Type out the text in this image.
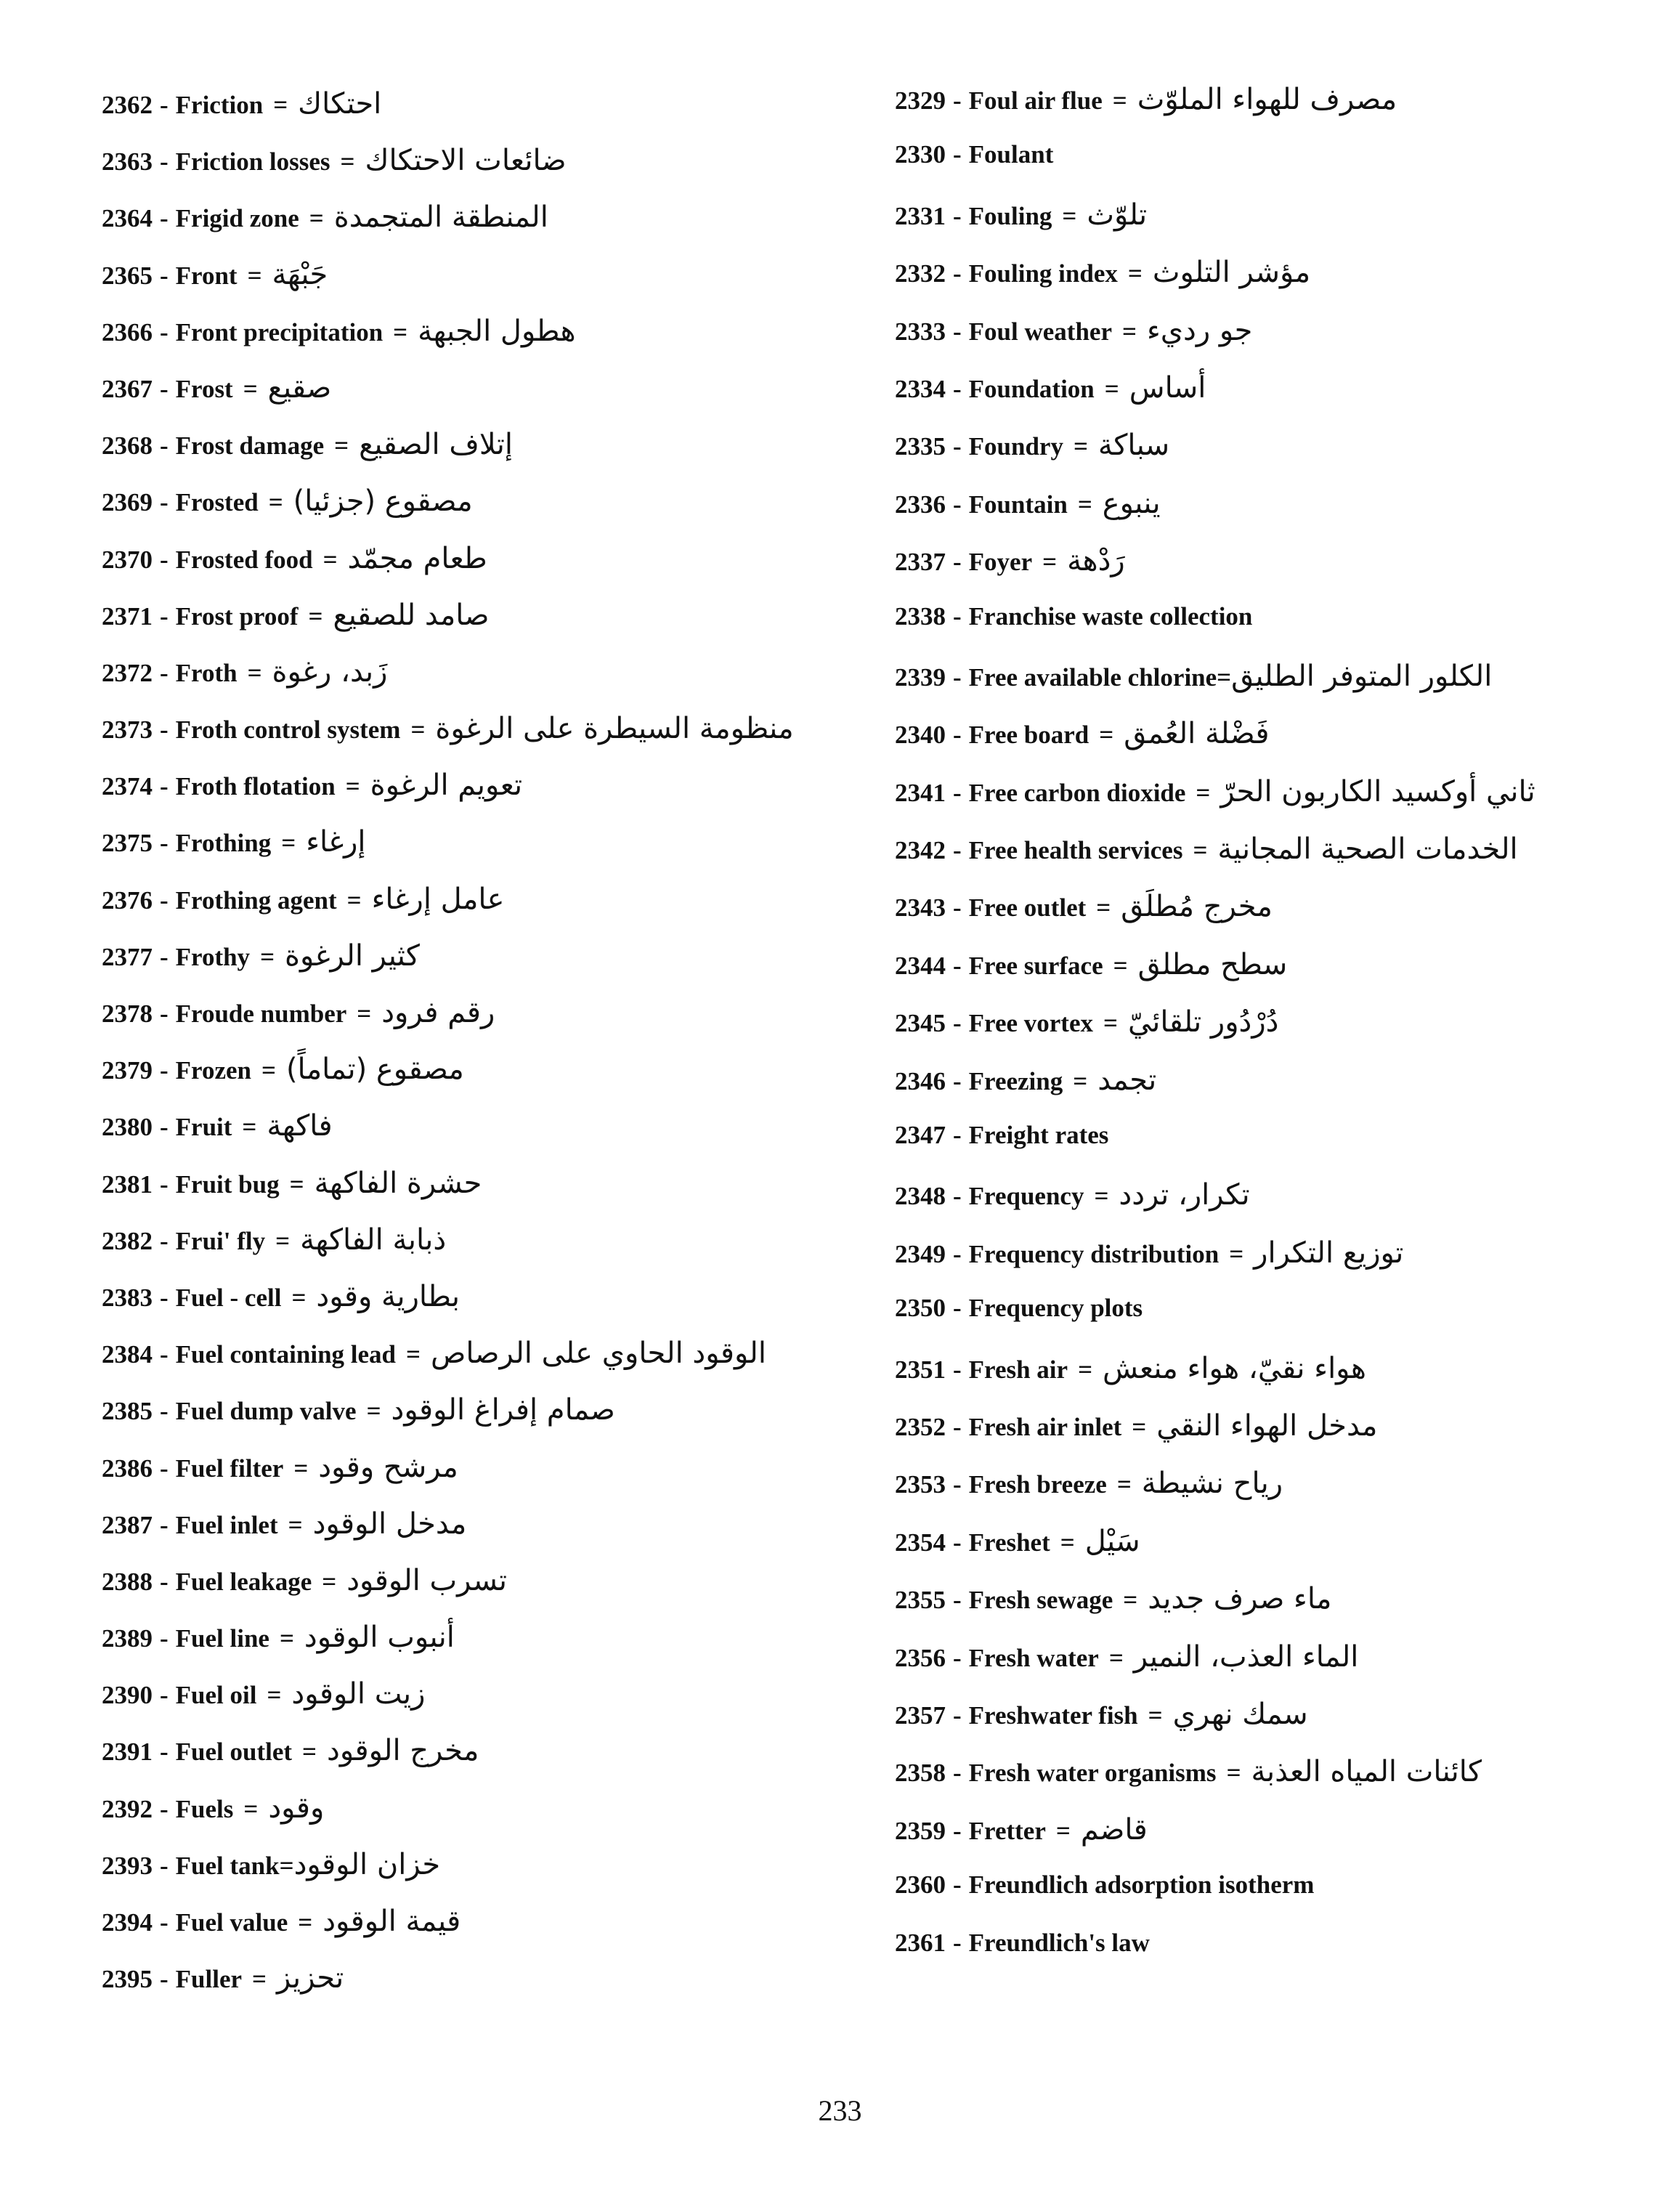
2362 - Friction = احتكاك
2363 - Friction losses = ضائعات الاحتكاك
2364 - Frigid zone = المنطقة المتجمدة
2365 - Front = جَبْهَة
2366 - Front precipitation = هطول الجبهة
2367 - Frost = صقيع
2368 - Frost damage = إتلاف الصقيع
2369 - Frosted = مصقوع (جزئيا)
2370 - Frosted food = طعام مجمّد
2371 - Frost proof = صامد للصقيع
2372 - Froth = زَبد، رغوة
2373 - Froth control system = منظومة السيطرة على الرغوة
2374 - Froth flotation = تعويم الرغوة
2375 - Frothing = إرغاء
2376 - Frothing agent = عامل إرغاء
2377 - Frothy = كثير الرغوة
2378 - Froude number = رقم فرود
2379 - Frozen = مصقوع (تماماً)
2380 - Fruit = فاكهة
2381 - Fruit bug = حشرة الفاكهة
2382 - Frui' fly = ذبابة الفاكهة
2383 - Fuel - cell = بطارية وقود
2384 - Fuel containing lead = الوقود الحاوي على الرصاص
2385 - Fuel dump valve = صمام إفراغ الوقود
2386 - Fuel filter = مرشح وقود
2387 - Fuel inlet = مدخل الوقود
2388 - Fuel leakage = تسرب الوقود
2389 - Fuel line = أنبوب الوقود
2390 - Fuel oil = زيت الوقود
2391 - Fuel outlet = مخرج الوقود
2392 - Fuels = وقود
2393 - Fuel tank = خزان الوقود
2394 - Fuel value = قيمة الوقود
2395 - Fuller = تحزيز
2329 - Foul air flue = مصرف للهواء الملوّث
2330 - Foulant
2331 - Fouling = تلوّث
2332 - Fouling index = مؤشر التلوث
2333 - Foul weather = جو رديء
2334 - Foundation = أساس
2335 - Foundry = سباكة
2336 - Fountain = ينبوع
2337 - Foyer = رَدْهة
2338 - Franchise waste collection
2339 - Free available chlorine = الكلور المتوفر الطليق
2340 - Free board = فَضْلة العُمق
2341 - Free carbon dioxide = ثاني أوكسيد الكاربون الحرّ
2342 - Free health services = الخدمات الصحية المجانية
2343 - Free outlet = مخرج مُطلَق
2344 - Free surface = سطح مطلق
2345 - Free vortex = دُرْدُور تلقائيّ
2346 - Freezing = تجمد
2347 - Freight rates
2348 - Frequency = تكرار، تردد
2349 - Frequency distribution = توزيع التكرار
2350 - Frequency plots
2351 - Fresh air = هواء نقيّ، هواء منعش
2352 - Fresh air inlet = مدخل الهواء النقي
2353 - Fresh breeze = رياح نشيطة
2354 - Freshet = سَيْل
2355 - Fresh sewage = ماء صرف جديد
2356 - Fresh water = الماء العذب، النمير
2357 - Freshwater fish = سمك نهري
2358 - Fresh water organisms = كائنات المياه العذبة
2359 - Fretter = قاضم
2360 - Freundlich adsorption isotherm
2361 - Freundlich's law
233
